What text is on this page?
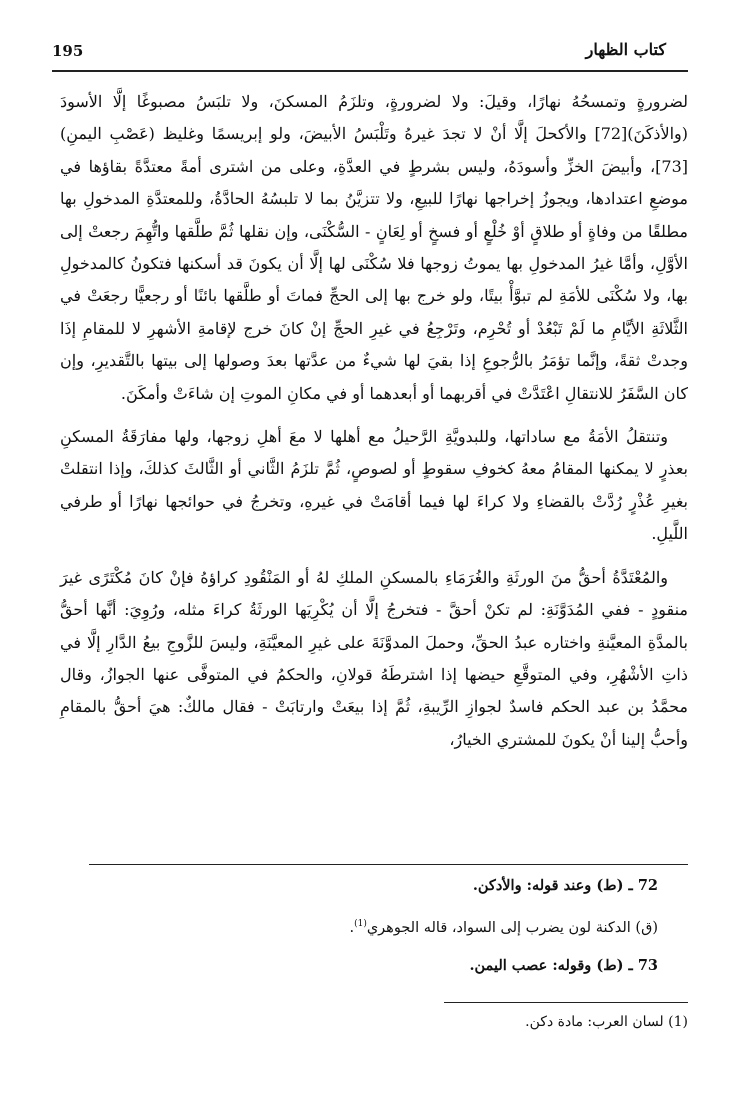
كتاب الظهار
195

لضرورةٍ وتمسحُهُ نهارًا، وقيلَ: ولا لضرورةٍ، وتلزَمُ المسكنَ، ولا تلبَسُ مصبوغًا إلَّا الأسودَ (والأذكَنَ)[72] والأكحلَ إلَّا أنْ لا تجدَ غيرهُ وتَلْبَسُ الأبيضَ، ولو إبريسمًا وغليظ (عَصْبِ اليمنِ)[73]، وأبيضَ الخزِّ وأسودَهُ، وليس بشرطٍ في العدَّةِ، وعلى من اشترى أمةً معتدَّةً بقاؤها في موضعِ اعتدادها، ويجوزُ إخراجها نهارًا للبيعِ، ولا تتزيَّنُ بما لا تلبسُهُ الحادَّةُ، وللمعتدَّةِ المدخولِ بها مطلقًا من وفاةٍ أو طلاقٍ أوْ خُلْعٍ أو فسخٍ أو لِعَانٍ - السُّكْنَى، وإن نقلها ثُمَّ طلَّقها واتُّهِمَ رجعتْ إلى الأوَّلِ، وأمَّا غيرُ المدخولِ بها يموتُ زوجها فلا سُكْنَى لها إلَّا أن يكونَ قد أسكنها فتكونُ كالمدخولِ بها، ولا سُكْنَى للأمَةِ لم تبوَّأْ بيتًا، ولو خرج بها إلى الحجِّ فماتَ أو طلَّقها بائنًا أو رجعيًّا رجعَتْ في الثَّلاثَةِ الأيَّامِ ما لَمْ تَبْعُدْ أو تُحْرِم، وتَرْجِعُ في غيرِ الحجِّ إنْ كانَ خرج لإقامةِ الأشهرِ لا للمقامِ إذَا وجدتْ ثقةً، وإنَّما تؤمَرُ بالرُّجوعِ إذا بقيَ لها شيءٌ من عدَّتها بعدَ وصولها إلى بيتها بالتَّقديرِ، وإن كان السَّفَرُ للانتقالِ اعْتَدَّتْ في أقربهما أو أبعدهما أو في مكانِ الموتِ إن شاءَتْ وأمكَنَ.

وتنتقلُ الأمَةُ مع ساداتها، وللبدويَّةِ الرَّحيلُ مع أهلها لا معَ أهلِ زوجها، ولها مفارَقَةُ المسكنِ بعذرٍ لا يمكنها المقامُ معهُ كخوفِ سقوطٍ أو لصوصٍ، ثُمَّ تلزَمُ الثَّاني أو الثَّالثَ كذلكَ، وإذا انتقلتْ بغيرِ عُذْرٍ رُدَّتْ بالقضاءِ ولا كراءَ لها فيما أقامَتْ في غيرهِ، وتخرجُ في حوائجها نهارًا أو طرفي اللَّيلِ.

والمُعْتَدَّةُ أحقُّ منَ الورثَةِ والغُرَمَاءِ بالمسكنِ الملكِ لهُ أو المَنْقُودِ كراؤهُ فإنْ كانَ مُكْتَرًى غيرَ منقودٍ - ففي المُدَوَّنَةِ: لم تكنْ أحقَّ - فتخرجُ إلَّا أن يُكْرِيَها الورثَةُ كراءَ مثله، ورُوِيَ: أنَّها أحقُّ بالمدَّةِ المعيَّنةِ واختاره عبدُ الحقِّ، وحملَ المدوَّنَةَ على غيرِ المعيَّنَةِ، وليسَ للزَّوجِ بيعُ الدَّارِ إلَّا في ذاتِ الأشْهُرِ، وفي المتوقَّعِ حيضها إذا اشترطَهُ قولانِ، والحكمُ في المتوفَّى عنها الجوازُ، وقال محمَّدُ بن عبد الحكم فاسدٌ لجوازِ الرِّيبةِ، ثُمَّ إذا بيعَتْ وارتابَتْ - فقال مالكٌ: هيَ أحقُّ بالمقامِ وأحبُّ إلينا أنْ يكونَ للمشتري الخيارُ،

72 ـ (ط) وعند قوله: والأدكن.
(ق) الدكنة لون يضرب إلى السواد، قاله الجوهري$^{(1)}$.
73 ـ (ط) وقوله: عصب اليمن.
(1) لسان العرب: مادة دكن.
